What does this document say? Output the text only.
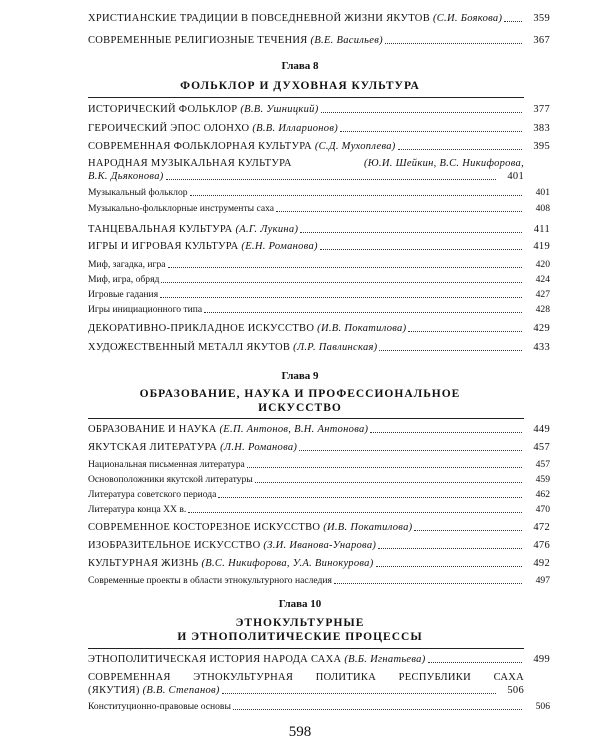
ХРИСТИАНСКИЕ ТРАДИЦИИ В ПОВСЕДНЕВНОЙ ЖИЗНИ ЯКУТОВ (С.И. Боякова)	359
СОВРЕМЕННЫЕ РЕЛИГИОЗНЫЕ ТЕЧЕНИЯ (В.Е. Васильев)	367
Глава 8
ФОЛЬКЛОР И ДУХОВНАЯ КУЛЬТУРА
ИСТОРИЧЕСКИЙ ФОЛЬКЛОР (В.В. Ушницкий)	377
ГЕРОИЧЕСКИЙ ЭПОС ОЛОНХО (В.В. Илларионов)	383
СОВРЕМЕННАЯ ФОЛЬКЛОРНАЯ КУЛЬТУРА (С.Д. Мухоплева)	395
НАРОДНАЯ МУЗЫКАЛЬНАЯ КУЛЬТУРА	(Ю.И. Шейкин, В.С. Никифорова,
В.К. Дьяконова)	401
Музыкальный фольклор	401
Музыкально-фольклорные инструменты саха	408
ТАНЦЕВАЛЬНАЯ КУЛЬТУРА (А.Г. Лукина)	411
ИГРЫ И ИГРОВАЯ КУЛЬТУРА (Е.Н. Романова)	419
Миф, загадка, игра	420
Миф, игра, обряд	424
Игровые гадания	427
Игры инициационного типа	428
ДЕКОРАТИВНО-ПРИКЛАДНОЕ ИСКУССТВО (И.В. Покатилова)	429
ХУДОЖЕСТВЕННЫЙ МЕТАЛЛ ЯКУТОВ (Л.Р. Павлинская)	433
Глава 9
ОБРАЗОВАНИЕ, НАУКА И ПРОФЕССИОНАЛЬНОЕ
ИСКУССТВО
ОБРАЗОВАНИЕ И НАУКА (Е.П. Антонов, В.Н. Антонова)	449
ЯКУТСКАЯ ЛИТЕРАТУРА (Л.Н. Романова)	457
Национальная письменная литература	457
Основоположники якутской литературы	459
Литература советского периода	462
Литература конца ХХ в.	470
СОВРЕМЕННОЕ КОСТОРЕЗНОЕ ИСКУССТВО (И.В. Покатилова)	472
ИЗОБРАЗИТЕЛЬНОЕ ИСКУССТВО (З.И. Иванова-Унарова)	476
КУЛЬТУРНАЯ ЖИЗНЬ (В.С. Никифорова, У.А. Винокурова)	492
Современные проекты в области этнокультурного наследия	497
Глава 10
ЭТНОКУЛЬТУРНЫЕ
И ЭТНОПОЛИТИЧЕСКИЕ ПРОЦЕССЫ
ЭТНОПОЛИТИЧЕСКАЯ ИСТОРИЯ НАРОДА САХА (В.Б. Игнатьева)	499
СОВРЕМЕННАЯ ЭТНОКУЛЬТУРНАЯ ПОЛИТИКА РЕСПУБЛИКИ САХА
(ЯКУТИЯ) (В.В. Степанов)	506
Конституционно-правовые основы	506
598
